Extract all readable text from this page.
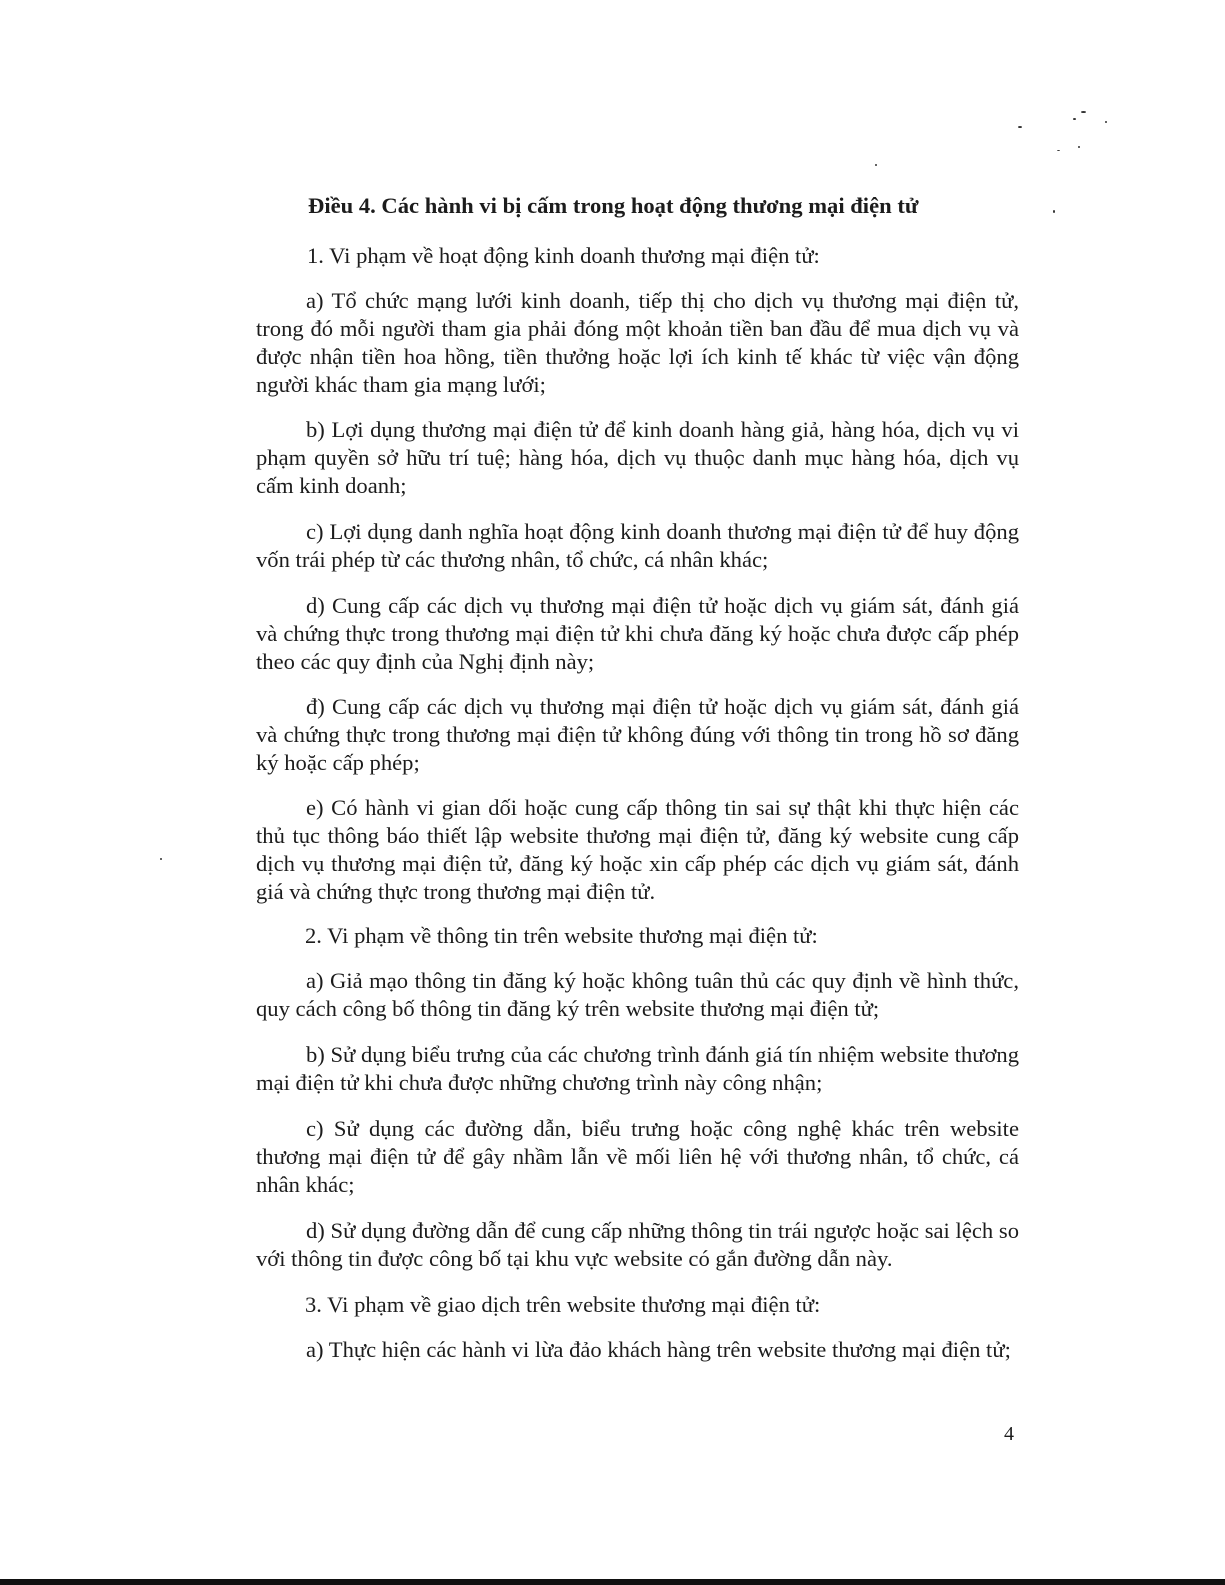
Điều 4. Các hành vi bị cấm trong hoạt động thương mại điện tử

1. Vi phạm về hoạt động kinh doanh thương mại điện tử:

a) Tổ chức mạng lưới kinh doanh, tiếp thị cho dịch vụ thương mại điện tử, trong đó mỗi người tham gia phải đóng một khoản tiền ban đầu để mua dịch vụ và được nhận tiền hoa hồng, tiền thưởng hoặc lợi ích kinh tế khác từ việc vận động người khác tham gia mạng lưới;

b) Lợi dụng thương mại điện tử để kinh doanh hàng giả, hàng hóa, dịch vụ vi phạm quyền sở hữu trí tuệ; hàng hóa, dịch vụ thuộc danh mục hàng hóa, dịch vụ cấm kinh doanh;

c) Lợi dụng danh nghĩa hoạt động kinh doanh thương mại điện tử để huy động vốn trái phép từ các thương nhân, tổ chức, cá nhân khác;

d) Cung cấp các dịch vụ thương mại điện tử hoặc dịch vụ giám sát, đánh giá và chứng thực trong thương mại điện tử khi chưa đăng ký hoặc chưa được cấp phép theo các quy định của Nghị định này;

đ) Cung cấp các dịch vụ thương mại điện tử hoặc dịch vụ giám sát, đánh giá và chứng thực trong thương mại điện tử không đúng với thông tin trong hồ sơ đăng ký hoặc cấp phép;

e) Có hành vi gian dối hoặc cung cấp thông tin sai sự thật khi thực hiện các thủ tục thông báo thiết lập website thương mại điện tử, đăng ký website cung cấp dịch vụ thương mại điện tử, đăng ký hoặc xin cấp phép các dịch vụ giám sát, đánh giá và chứng thực trong thương mại điện tử.

2. Vi phạm về thông tin trên website thương mại điện tử:

a) Giả mạo thông tin đăng ký hoặc không tuân thủ các quy định về hình thức, quy cách công bố thông tin đăng ký trên website thương mại điện tử;

b) Sử dụng biểu trưng của các chương trình đánh giá tín nhiệm website thương mại điện tử khi chưa được những chương trình này công nhận;

c) Sử dụng các đường dẫn, biểu trưng hoặc công nghệ khác trên website thương mại điện tử để gây nhầm lẫn về mối liên hệ với thương nhân, tổ chức, cá nhân khác;

d) Sử dụng đường dẫn để cung cấp những thông tin trái ngược hoặc sai lệch so với thông tin được công bố tại khu vực website có gắn đường dẫn này.

3. Vi phạm về giao dịch trên website thương mại điện tử:

a) Thực hiện các hành vi lừa đảo khách hàng trên website thương mại điện tử;

4
